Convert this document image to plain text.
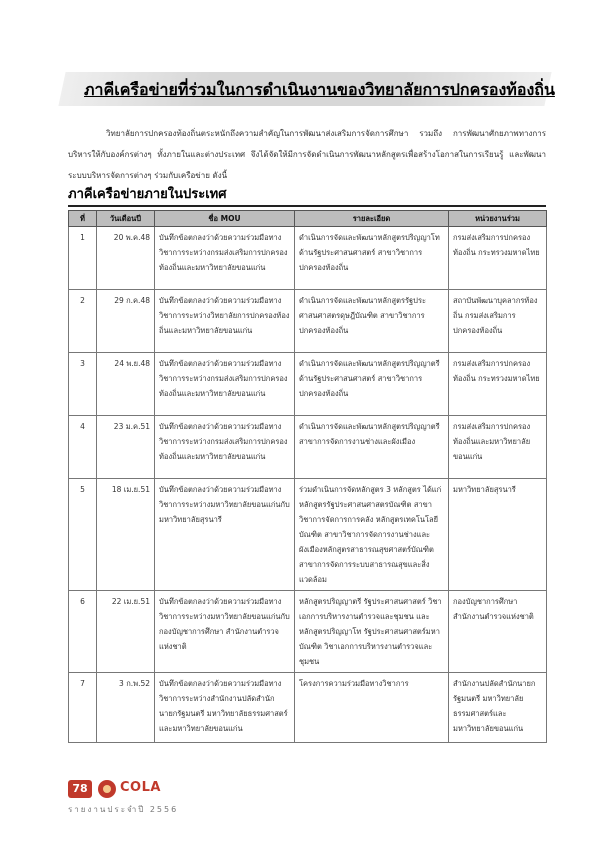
ภาคีเครือข่ายที่ร่วมในการดำเนินงานของวิทยาลัยการปกครองท้องถิ่น
วิทยาลัยการปกครองท้องถิ่นตระหนักถึงความสำคัญในการพัฒนาส่งเสริมการจัดการศึกษา รวมถึง การพัฒนาศักยภาพทางการบริหารให้กับองค์กรต่างๆ ทั้งภายในและต่างประเทศ จึงได้จัดให้มีการจัดดำเนินการพัฒนาหลักสูตรเพื่อสร้างโอกาสในการเรียนรู้ และพัฒนาระบบบริหารจัดการต่างๆ ร่วมกับเครือข่าย ดังนี้
ภาคีเครือข่ายภายในประเทศ
ที่	วันเดือนปี	ชื่อ MOU	รายละเอียด	หน่วยงานร่วม
1	20 พ.ค.48	บันทึกข้อตกลงว่าด้วยความร่วมมือทางวิชาการระหว่างกรมส่งเสริมการปกครองท้องถิ่นและมหาวิทยาลัยขอนแก่น	ดำเนินการจัดและพัฒนาหลักสูตรปริญญาโท ด้านรัฐประศาสนศาสตร์ สาขาวิชาการปกครองท้องถิ่น	กรมส่งเสริมการปกครองท้องถิ่น กระทรวงมหาดไทย
2	29 ก.ค.48	บันทึกข้อตกลงว่าด้วยความร่วมมือทางวิชาการระหว่างวิทยาลัยการปกครองท้องถิ่นและมหาวิทยาลัยขอนแก่น	ดำเนินการจัดและพัฒนาหลักสูตรรัฐประศาสนศาสตรดุษฎีบัณฑิต สาขาวิชาการปกครองท้องถิ่น	สถาบันพัฒนาบุคลากรท้องถิ่น กรมส่งเสริมการปกครองท้องถิ่น
3	24 พ.ย.48	บันทึกข้อตกลงว่าด้วยความร่วมมือทางวิชาการระหว่างกรมส่งเสริมการปกครองท้องถิ่นและมหาวิทยาลัยขอนแก่น	ดำเนินการจัดและพัฒนาหลักสูตรปริญญาตรี ด้านรัฐประศาสนศาสตร์ สาขาวิชาการปกครองท้องถิ่น	กรมส่งเสริมการปกครองท้องถิ่น กระทรวงมหาดไทย
4	23 ม.ค.51	บันทึกข้อตกลงว่าด้วยความร่วมมือทางวิชาการระหว่างกรมส่งเสริมการปกครองท้องถิ่นและมหาวิทยาลัยขอนแก่น	ดำเนินการจัดและพัฒนาหลักสูตรปริญญาตรี สาขาการจัดการงานช่างและผังเมือง	กรมส่งเสริมการปกครองท้องถิ่นและมหาวิทยาลัยขอนแก่น
5	18 เม.ย.51	บันทึกข้อตกลงว่าด้วยความร่วมมือทางวิชาการระหว่างมหาวิทยาลัยขอนแก่นกับมหาวิทยาลัยสุรนารี	ร่วมดำเนินการจัดหลักสูตร 3 หลักสูตร ได้แก่หลักสูตรรัฐประศาสนศาสตรบัณฑิต สาขาวิชาการจัดการการคลัง หลักสูตรเทคโนโลยีบัณฑิต สาขาวิชาการจัดการงานช่างและผังเมืองหลักสูตรสาธารณสุขศาสตร์บัณฑิต สาขาการจัดการระบบสาธารณสุขและสิ่งแวดล้อม	มหาวิทยาลัยสุรนารี
6	22 เม.ย.51	บันทึกข้อตกลงว่าด้วยความร่วมมือทางวิชาการระหว่างมหาวิทยาลัยขอนแก่นกับกองบัญชาการศึกษา สำนักงานตำรวจแห่งชาติ	หลักสูตรปริญญาตรี รัฐประศาสนศาสตร์ วิชาเอกการบริหารงานตำรวจและชุมชน และหลักสูตรปริญญาโท รัฐประศาสนศาสตร์มหาบัณฑิต วิชาเอกการบริหารงานตำรวจและชุมชน	กองบัญชาการศึกษา สำนักงานตำรวจแห่งชาติ
7	3 ก.พ.52	บันทึกข้อตกลงว่าด้วยความร่วมมือทางวิชาการระหว่างสำนักงานปลัดสำนักนายกรัฐมนตรี มหาวิทยาลัยธรรมศาสตร์และมหาวิทยาลัยขอนแก่น	โครงการความร่วมมือทางวิชาการ	สำนักงานปลัดสำนักนายกรัฐมนตรี มหาวิทยาลัยธรรมศาสตร์และมหาวิทยาลัยขอนแก่น
78	COLA
รายงานประจำปี 2556
